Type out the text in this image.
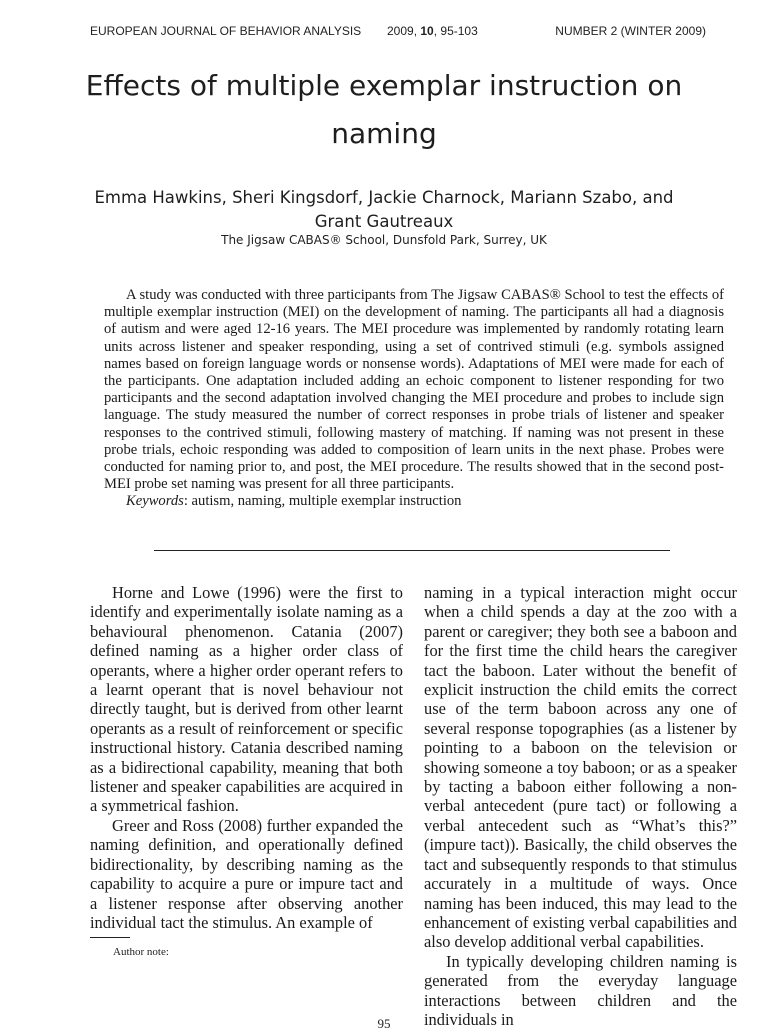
EUROPEAN JOURNAL OF BEHAVIOR ANALYSIS 2009, 10, 95-103	NUMBER 2 (WINTER 2009)
Effects of multiple exemplar instruction on naming
Emma Hawkins, Sheri Kingsdorf, Jackie Charnock, Mariann Szabo, and Grant Gautreaux
The Jigsaw CABAS® School, Dunsfold Park, Surrey, UK

A study was conducted with three participants from The Jigsaw CABAS® School to test the effects of multiple exemplar instruction (MEI) on the development of naming. The participants all had a diagnosis of autism and were aged 12-16 years. The MEI procedure was implemented by randomly rotating learn units across listener and speaker responding, using a set of contrived stimuli (e.g. symbols assigned names based on foreign language words or nonsense words). Adaptations of MEI were made for each of the participants. One adaptation included adding an echoic component to listener responding for two participants and the second adaptation involved changing the MEI procedure and probes to include sign language. The study measured the number of correct responses in probe trials of listener and speaker responses to the contrived stimuli, following mastery of matching. If naming was not present in these probe trials, echoic responding was added to composition of learn units in the next phase. Probes were conducted for naming prior to, and post, the MEI procedure. The results showed that in the second post-MEI probe set naming was present for all three participants.

Keywords: autism, naming, multiple exemplar instruction

Horne and Lowe (1996) were the first to identify and experimentally isolate naming as a behavioural phenomenon. Catania (2007) defined naming as a higher order class of operants, where a higher order operant refers to a learnt operant that is novel behaviour not directly taught, but is derived from other learnt operants as a result of reinforcement or specific instructional history. Catania described naming as a bidirectional capability, meaning that both listener and speaker capabilities are acquired in a symmetrical fashion.

Greer and Ross (2008) further expanded the naming definition, and operationally defined bidirectionality, by describing naming as the capability to acquire a pure or impure tact and a listener response after observing another individual tact the stimulus. An example of

naming in a typical interaction might occur when a child spends a day at the zoo with a parent or caregiver; they both see a baboon and for the first time the child hears the caregiver tact the baboon. Later without the benefit of explicit instruction the child emits the correct use of the term baboon across any one of several response topographies (as a listener by pointing to a baboon on the television or showing someone a toy baboon; or as a speaker by tacting a baboon either following a non-verbal antecedent (pure tact) or following a verbal antecedent such as “What’s this?” (impure tact)). Basically, the child observes the tact and subsequently responds to that stimulus accurately in a multitude of ways. Once naming has been induced, this may lead to the enhancement of existing verbal capabilities and also develop additional verbal capabilities.

In typically developing children naming is generated from the everyday language interactions between children and the individuals in

Author note:
95
